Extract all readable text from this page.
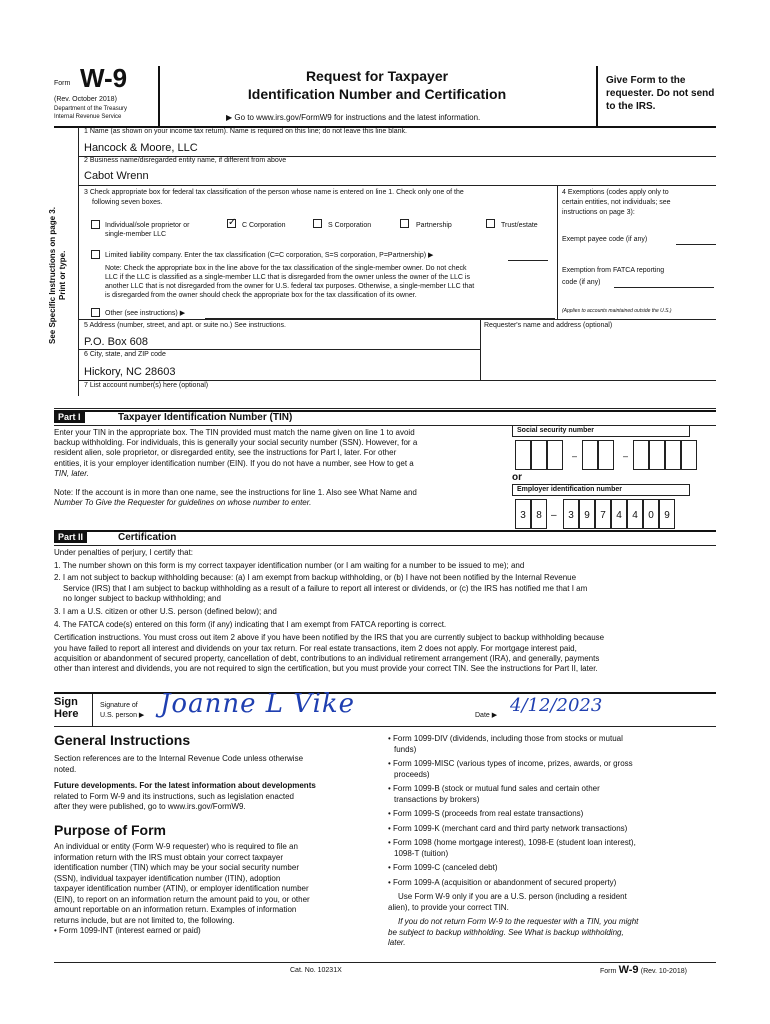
Form W-9
(Rev. October 2018)
Department of the Treasury
Internal Revenue Service
Request for Taxpayer
Identification Number and Certification
▶ Go to www.irs.gov/FormW9 for instructions and the latest information.
Give Form to the requester. Do not send to the IRS.
See Specific Instructions on page 3. Print or type.
1 Name (as shown on your income tax return). Name is required on this line; do not leave this line blank.
Hancock & Moore, LLC
2 Business name/disregarded entity name, if different from above
Cabot Wrenn
3 Check appropriate box for federal tax classification of the person whose name is entered on line 1. Check only one of the
following seven boxes.
Individual/sole proprietor or
single-member LLC
✓
C Corporation	S Corporation	Partnership	Trust/estate
Limited liability company. Enter the tax classification (C=C corporation, S=S corporation, P=Partnership) ▶
Note: Check the appropriate box in the line above for the tax classification of the single-member owner. Do not check
LLC if the LLC is classified as a single-member LLC that is disregarded from the owner unless the owner of the LLC is
another LLC that is not disregarded from the owner for U.S. federal tax purposes. Otherwise, a single-member LLC that
is disregarded from the owner should check the appropriate box for the tax classification of its owner.
Other (see instructions) ▶
4 Exemptions (codes apply only to
certain entities, not individuals; see
instructions on page 3):
Exempt payee code (if any)
Exemption from FATCA reporting
code (if any)
(Applies to accounts maintained outside the U.S.)
5 Address (number, street, and apt. or suite no.) See instructions.	Requester's name and address (optional)
P.O. Box 608
6 City, state, and ZIP code
Hickory, NC 28603
7 List account number(s) here (optional)
Part I	Taxpayer Identification Number (TIN)
Enter your TIN in the appropriate box. The TIN provided must match the name given on line 1 to avoid
backup withholding. For individuals, this is generally your social security number (SSN). However, for a
resident alien, sole proprietor, or disregarded entity, see the instructions for Part I, later. For other
entities, it is your employer identification number (EIN). If you do not have a number, see How to get a
TIN, later.
Note: If the account is in more than one name, see the instructions for line 1. Also see What Name and
Number To Give the Requester for guidelines on whose number to enter.
Social security number
–	–
or
Employer identification number
3	8 –	3	9	7	4	4	0	9
Part II	Certification
Under penalties of perjury, I certify that:
1. The number shown on this form is my correct taxpayer identification number (or I am waiting for a number to be issued to me); and
2. I am not subject to backup withholding because: (a) I am exempt from backup withholding, or (b) I have not been notified by the Internal Revenue
Service (IRS) that I am subject to backup withholding as a result of a failure to report all interest or dividends, or (c) the IRS has notified me that I am
no longer subject to backup withholding; and
3. I am a U.S. citizen or other U.S. person (defined below); and
4. The FATCA code(s) entered on this form (if any) indicating that I am exempt from FATCA reporting is correct.
Certification instructions. You must cross out item 2 above if you have been notified by the IRS that you are currently subject to backup withholding because
you have failed to report all interest and dividends on your tax return. For real estate transactions, item 2 does not apply. For mortgage interest paid,
acquisition or abandonment of secured property, cancellation of debt, contributions to an individual retirement arrangement (IRA), and generally, payments
other than interest and dividends, you are not required to sign the certification, but you must provide your correct TIN. See the instructions for Part II, later.
Sign
Here
Signature of
U.S. person ▶ Joanne L Vike	Date ▶ 4/12/2023
General Instructions
Section references are to the Internal Revenue Code unless otherwise
noted.
Future developments. For the latest information about developments
related to Form W-9 and its instructions, such as legislation enacted
after they were published, go to www.irs.gov/FormW9.
Purpose of Form
An individual or entity (Form W-9 requester) who is required to file an
information return with the IRS must obtain your correct taxpayer
identification number (TIN) which may be your social security number
(SSN), individual taxpayer identification number (ITIN), adoption
taxpayer identification number (ATIN), or employer identification number
(EIN), to report on an information return the amount paid to you, or other
amount reportable on an information return. Examples of information
returns include, but are not limited to, the following.
• Form 1099-INT (interest earned or paid)
• Form 1099-DIV (dividends, including those from stocks or mutual
funds)
• Form 1099-MISC (various types of income, prizes, awards, or gross
proceeds)
• Form 1099-B (stock or mutual fund sales and certain other
transactions by brokers)
• Form 1099-S (proceeds from real estate transactions)
• Form 1099-K (merchant card and third party network transactions)
• Form 1098 (home mortgage interest), 1098-E (student loan interest),
1098-T (tuition)
• Form 1099-C (canceled debt)
• Form 1099-A (acquisition or abandonment of secured property)
Use Form W-9 only if you are a U.S. person (including a resident
alien), to provide your correct TIN.
If you do not return Form W-9 to the requester with a TIN, you might
be subject to backup withholding. See What is backup withholding,
later.
Cat. No. 10231X	Form W-9 (Rev. 10-2018)
